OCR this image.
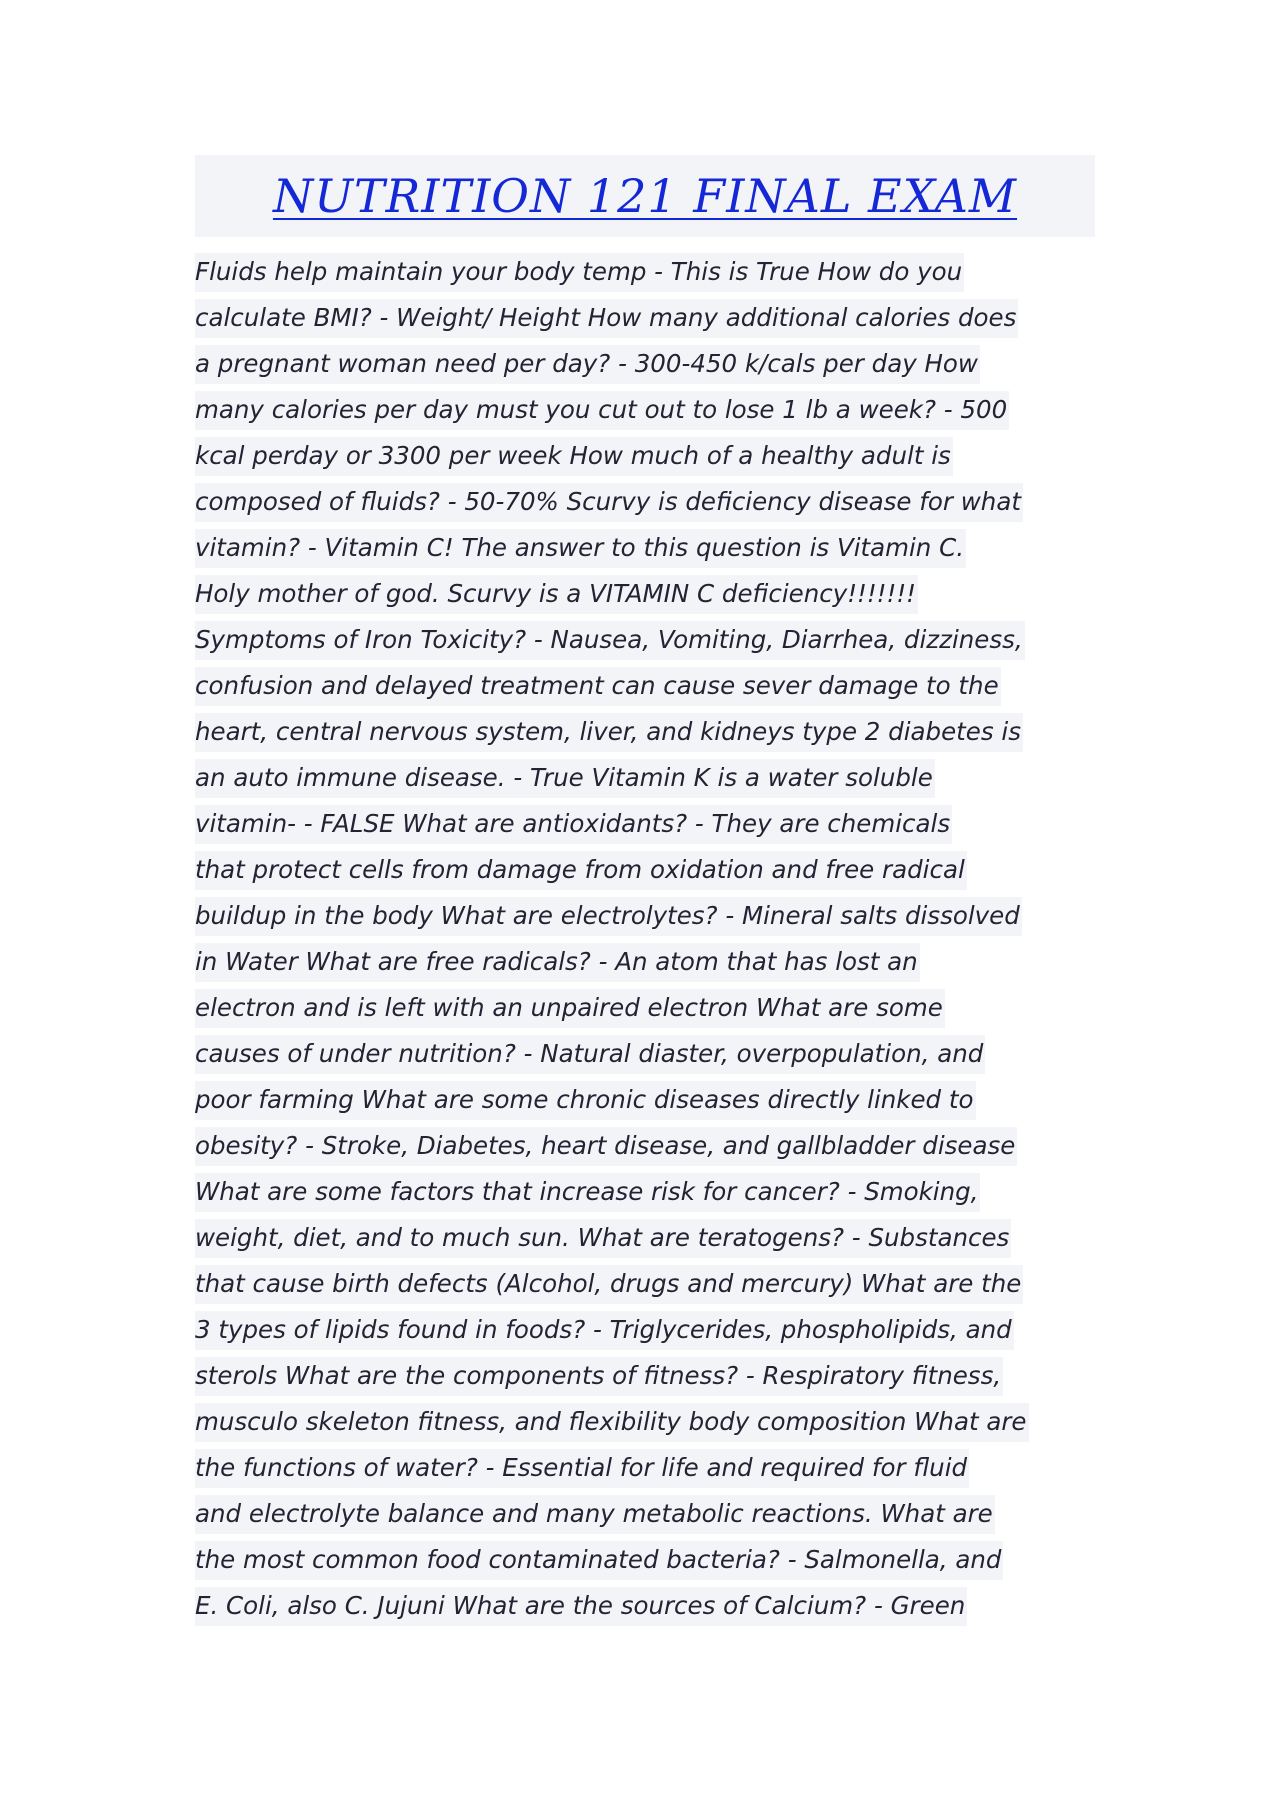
NUTRITION 121 FINAL EXAM
Fluids help maintain your body temp - This is True How do you
calculate BMI? - Weight/ Height How many additional calories does
a pregnant woman need per day? - 300-450 k/cals per day How
many calories per day must you cut out to lose 1 lb a week? - 500
kcal perday or 3300 per week How much of a healthy adult is
composed of fluids? - 50-70% Scurvy is deficiency disease for what
vitamin? - Vitamin C! The answer to this question is Vitamin C.
Holy mother of god. Scurvy is a VITAMIN C deficiency!!!!!!!
Symptoms of Iron Toxicity? - Nausea, Vomiting, Diarrhea, dizziness,
confusion and delayed treatment can cause sever damage to the
heart, central nervous system, liver, and kidneys type 2 diabetes is
an auto immune disease. - True Vitamin K is a water soluble
vitamin- - FALSE What are antioxidants? - They are chemicals
that protect cells from damage from oxidation and free radical
buildup in the body What are electrolytes? - Mineral salts dissolved
in Water What are free radicals? - An atom that has lost an
electron and is left with an unpaired electron What are some
causes of under nutrition? - Natural diaster, overpopulation, and
poor farming What are some chronic diseases directly linked to
obesity? - Stroke, Diabetes, heart disease, and gallbladder disease
What are some factors that increase risk for cancer? - Smoking,
weight, diet, and to much sun. What are teratogens? - Substances
that cause birth defects (Alcohol, drugs and mercury) What are the
3 types of lipids found in foods? - Triglycerides, phospholipids, and
sterols What are the components of fitness? - Respiratory fitness,
musculo skeleton fitness, and flexibility body composition What are
the functions of water? - Essential for life and required for fluid
and electrolyte balance and many metabolic reactions. What are
the most common food contaminated bacteria? - Salmonella, and
E. Coli, also C. Jujuni What are the sources of Calcium? - Green
